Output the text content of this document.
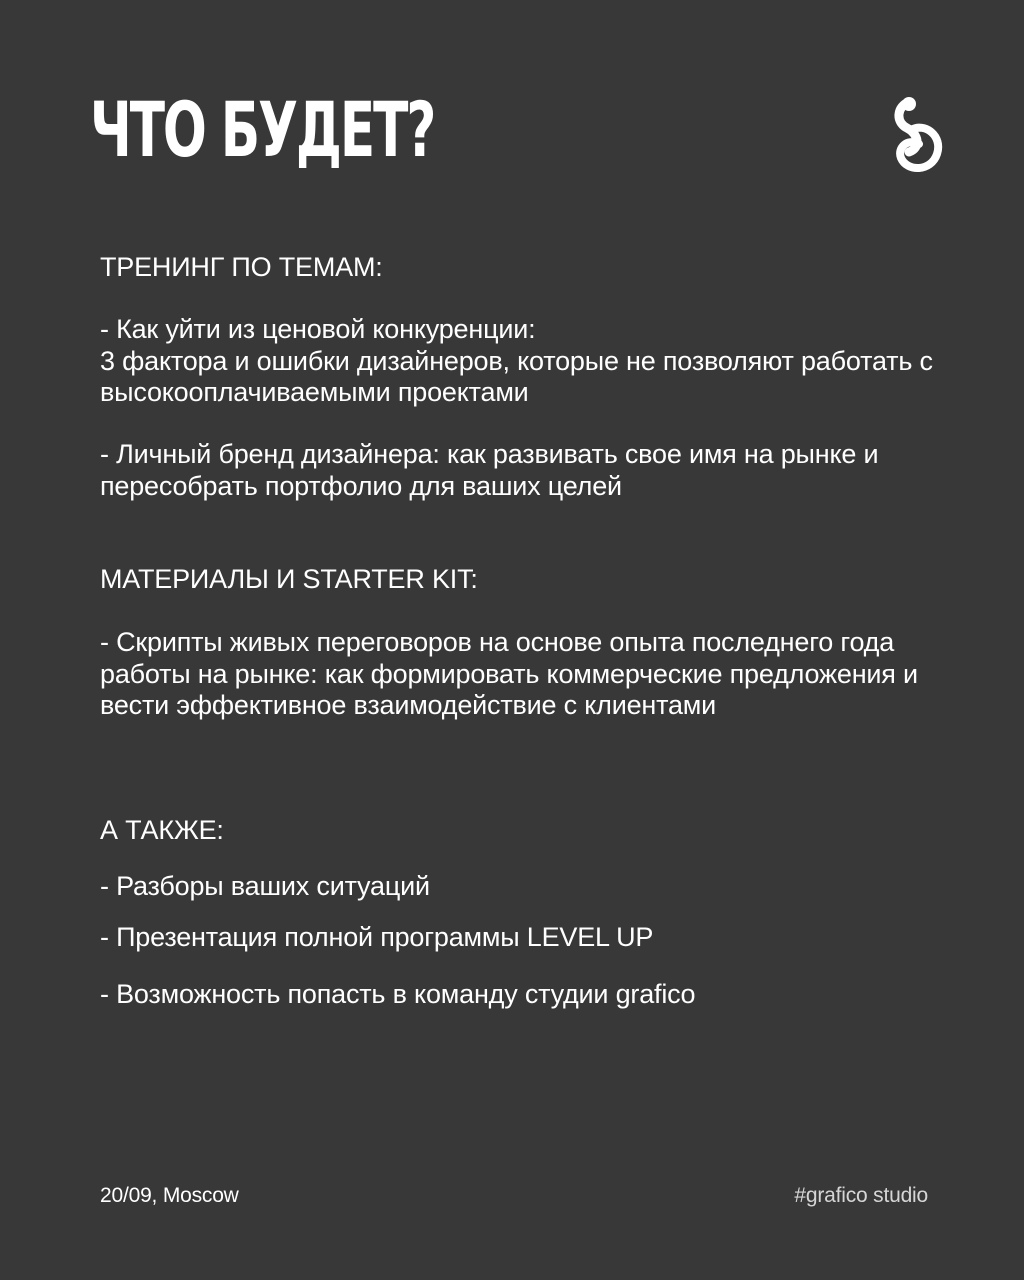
ЧТО БУДЕТ?

ТРЕНИНГ ПО ТЕМАМ:

- Как уйти из ценовой конкуренции:
3 фактора и ошибки дизайнеров, которые не позволяют работать с высокооплачиваемыми проектами

- Личный бренд дизайнера: как развивать свое имя на рынке и пересобрать портфолио для ваших целей

МАТЕРИАЛЫ И STARTER KIT:

- Скрипты живых переговоров на основе опыта последнего года работы на рынке: как формировать коммерческие предложения и вести эффективное взаимодействие с клиентами

А ТАКЖЕ:

- Разборы ваших ситуаций

- Презентация полной программы LEVEL UP

- Возможность попасть в команду студии grafico

20/09, Moscow	#grafico studio
